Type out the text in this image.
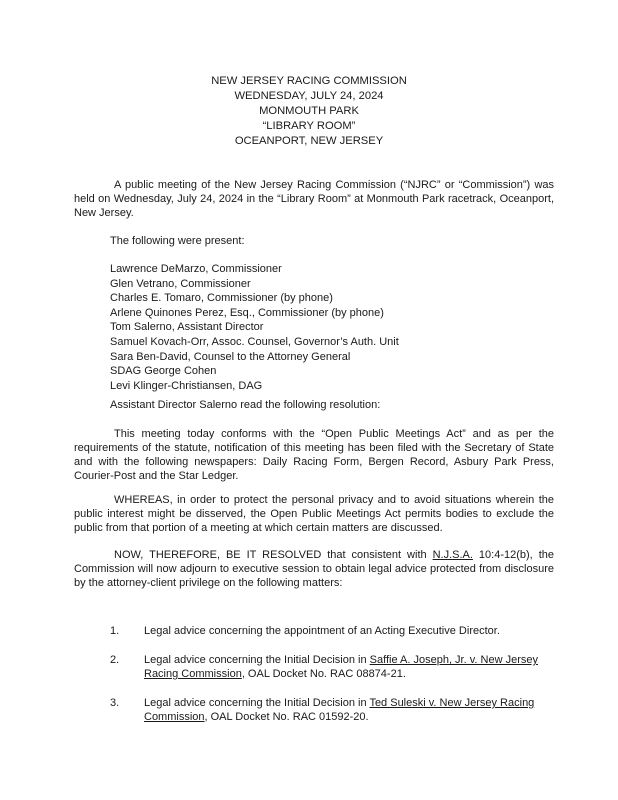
NEW JERSEY RACING COMMISSION
WEDNESDAY, JULY 24, 2024
MONMOUTH PARK
“LIBRARY ROOM”
OCEANPORT, NEW JERSEY

A public meeting of the New Jersey Racing Commission (“NJRC” or “Commission”) was held on Wednesday, July 24, 2024 in the “Library Room” at Monmouth Park racetrack, Oceanport, New Jersey.

The following were present:

Lawrence DeMarzo, Commissioner
Glen Vetrano, Commissioner
Charles E. Tomaro, Commissioner (by phone)
Arlene Quinones Perez, Esq., Commissioner (by phone)
Tom Salerno, Assistant Director
Samuel Kovach-Orr, Assoc. Counsel, Governor’s Auth. Unit
Sara Ben-David, Counsel to the Attorney General
SDAG George Cohen
Levi Klinger-Christiansen, DAG

Assistant Director Salerno read the following resolution:

This meeting today conforms with the “Open Public Meetings Act” and as per the requirements of the statute, notification of this meeting has been filed with the Secretary of State and with the following newspapers: Daily Racing Form, Bergen Record, Asbury Park Press, Courier-Post and the Star Ledger.

WHEREAS, in order to protect the personal privacy and to avoid situations wherein the public interest might be disserved, the Open Public Meetings Act permits bodies to exclude the public from that portion of a meeting at which certain matters are discussed.

NOW, THEREFORE, BE IT RESOLVED that consistent with N.J.S.A. 10:4-12(b), the Commission will now adjourn to executive session to obtain legal advice protected from disclosure by the attorney-client privilege on the following matters:

1. Legal advice concerning the appointment of an Acting Executive Director.
2. Legal advice concerning the Initial Decision in Saffie A. Joseph, Jr. v. New Jersey Racing Commission, OAL Docket No. RAC 08874-21.
3. Legal advice concerning the Initial Decision in Ted Suleski v. New Jersey Racing Commission, OAL Docket No. RAC 01592-20.
